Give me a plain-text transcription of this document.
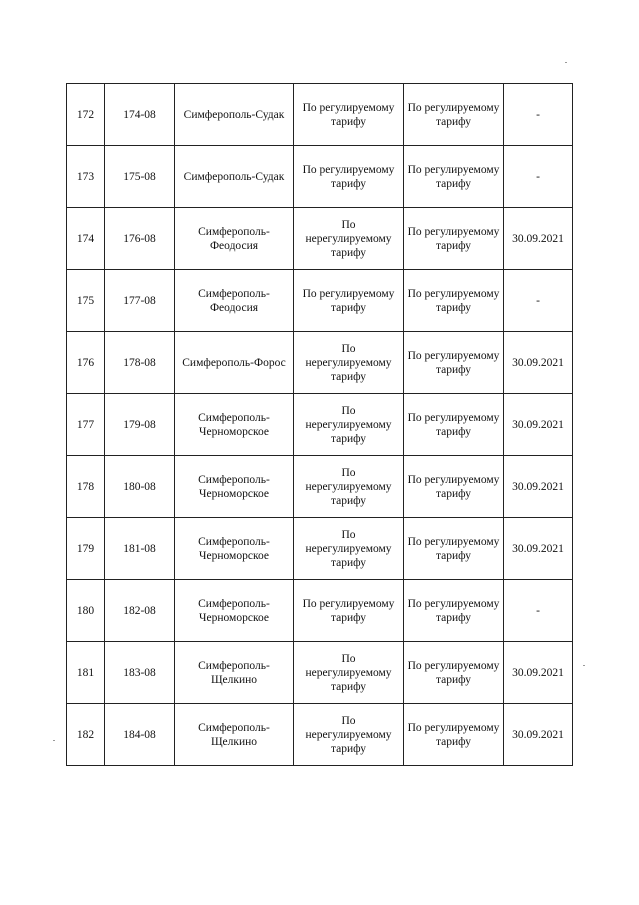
172	174-08	Симферополь-Судак	По регулируемому тарифу	По регулируемому тарифу	-
173	175-08	Симферополь-Судак	По регулируемому тарифу	По регулируемому тарифу	-
174	176-08	Симферополь-Феодосия	По нерегулируемому тарифу	По регулируемому тарифу	30.09.2021
175	177-08	Симферополь-Феодосия	По регулируемому тарифу	По регулируемому тарифу	-
176	178-08	Симферополь-Форос	По нерегулируемому тарифу	По регулируемому тарифу	30.09.2021
177	179-08	Симферополь-Черноморское	По нерегулируемому тарифу	По регулируемому тарифу	30.09.2021
178	180-08	Симферополь-Черноморское	По нерегулируемому тарифу	По регулируемому тарифу	30.09.2021
179	181-08	Симферополь-Черноморское	По нерегулируемому тарифу	По регулируемому тарифу	30.09.2021
180	182-08	Симферополь-Черноморское	По регулируемому тарифу	По регулируемому тарифу	-
181	183-08	Симферополь-Щелкино	По нерегулируемому тарифу	По регулируемому тарифу	30.09.2021
182	184-08	Симферополь-Щелкино	По нерегулируемому тарифу	По регулируемому тарифу	30.09.2021
